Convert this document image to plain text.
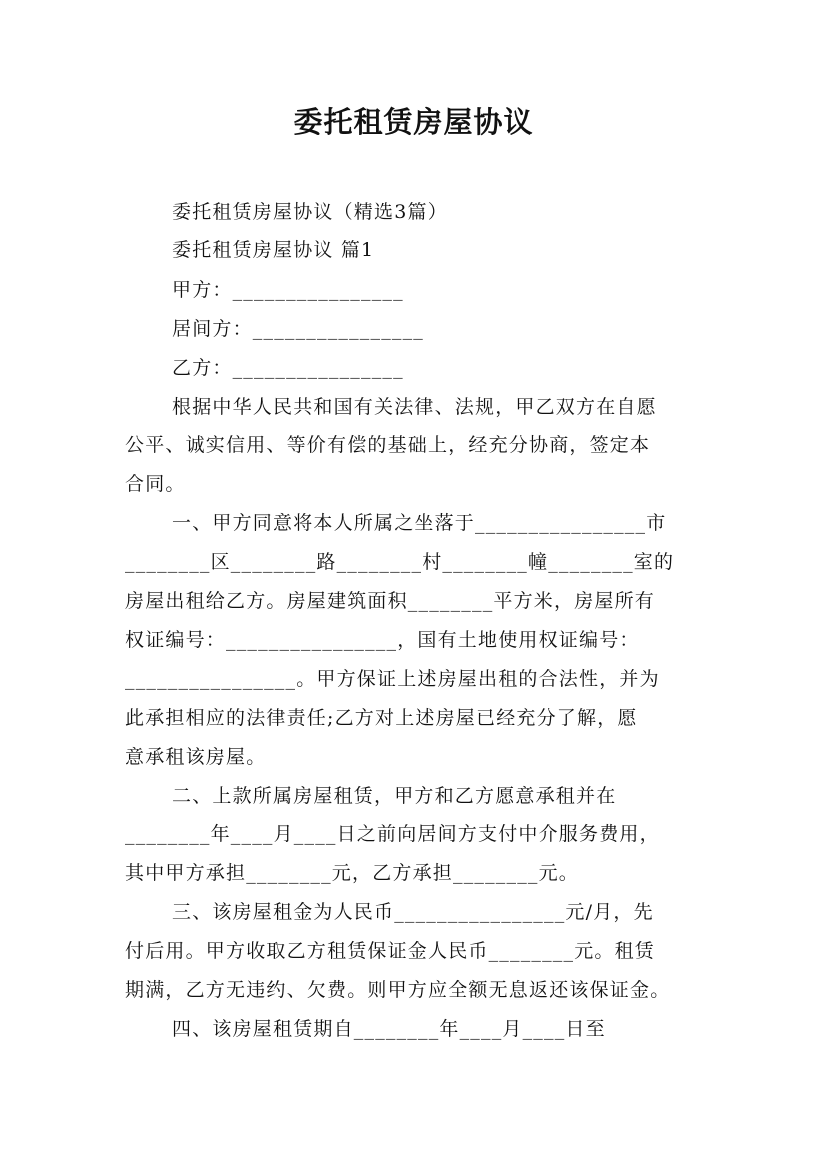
委托租赁房屋协议
委托租赁房屋协议（精选3篇）
委托租赁房屋协议 篇1
甲方：________________
居间方：________________
乙方：________________
根据中华人民共和国有关法律、法规，甲乙双方在自愿
公平、诚实信用、等价有偿的基础上，经充分协商，签定本
合同。
一、甲方同意将本人所属之坐落于________________市
________区________路________村________幢________室的
房屋出租给乙方。房屋建筑面积________平方米，房屋所有
权证编号：________________，国有土地使用权证编号：
________________。甲方保证上述房屋出租的合法性，并为
此承担相应的法律责任;乙方对上述房屋已经充分了解，愿
意承租该房屋。
二、上款所属房屋租赁，甲方和乙方愿意承租并在
________年____月____日之前向居间方支付中介服务费用，
其中甲方承担________元，乙方承担________元。
三、该房屋租金为人民币________________元/月，先
付后用。甲方收取乙方租赁保证金人民币________元。租赁
期满，乙方无违约、欠费。则甲方应全额无息返还该保证金。
四、该房屋租赁期自________年____月____日至
